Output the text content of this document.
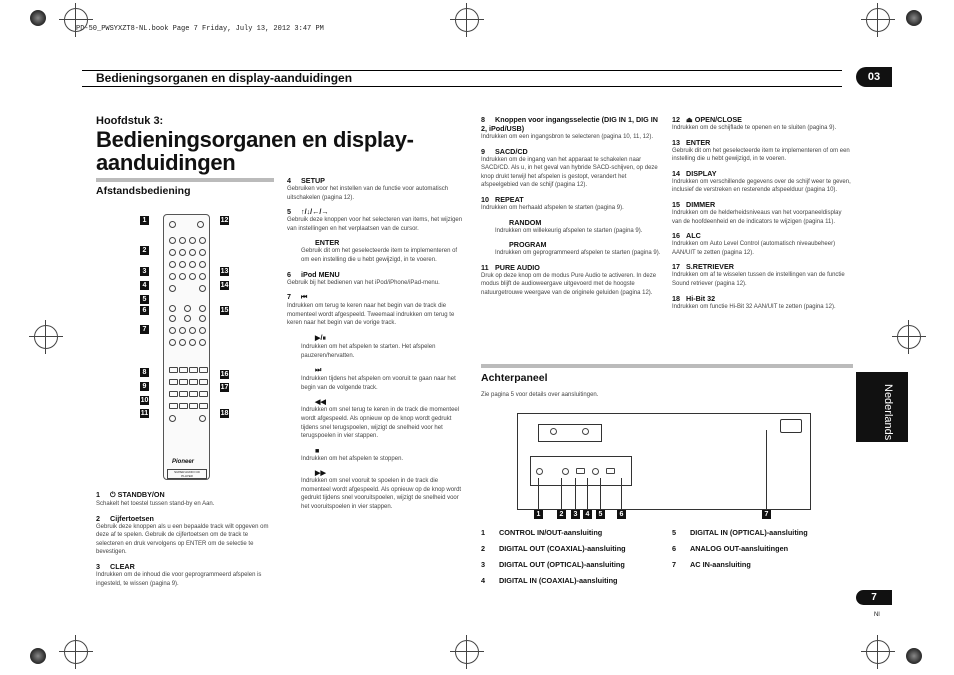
PD-50_PWSYXZT8-NL.book Page 7 Friday, July 13, 2012 3:47 PM
Bedieningsorganen en display-aanduidingen	03
Nederlands
7
Nl
Hoofdstuk 3:
Bedieningsorganen en display-
aanduidingen
Afstandsbediening
Pioneer
SUPER AUDIO CD PLAYER
1
2
3
4
5
6
7
8
9
10
11
12
13
14
15
16
17
18
1 ⏻ STANDBY/ON
Schakelt het toestel tussen stand-by en Aan.
2 Cijfertoetsen
Gebruik deze knoppen als u een bepaalde track wilt opgeven om deze af te spelen. Gebruik de cijfertoetsen om de track te selecteren en druk vervolgens op ENTER om de selectie te bevestigen.
3 CLEAR
Indrukken om de inhoud die voor geprogrammeerd afspelen is ingesteld, te wissen (pagina 9).
4 SETUP
Gebruiken voor het instellen van de functie voor automatisch uitschakelen (pagina 12).
5 ↑/↓/←/→
Gebruik deze knoppen voor het selecteren van items, het wijzigen van instellingen en het verplaatsen van de cursor.
ENTER
Gebruik dit om het geselecteerde item te implementeren of om een instelling die u hebt gewijzigd, in te voeren.
6 iPod MENU
Gebruik bij het bedienen van het iPod/iPhone/iPad-menu.
7 ⏮
Indrukken om terug te keren naar het begin van de track die momenteel wordt afgespeeld. Tweemaal indrukken om terug te keren naar het begin van de vorige track.
▶/⏸
Indrukken om het afspelen te starten. Het afspelen pauzeren/hervatten.
⏭
Indrukken tijdens het afspelen om vooruit te gaan naar het begin van de volgende track.
◀◀
Indrukken om snel terug te keren in de track die momenteel wordt afgespeeld. Als opnieuw op de knop wordt gedrukt tijdens snel terugspoelen, wijzigt de snelheid voor het terugspoelen in vier stappen.
■
Indrukken om het afspelen te stoppen.
▶▶
Indrukken om snel vooruit te spoelen in de track die momenteel wordt afgespeeld. Als opnieuw op de knop wordt gedrukt tijdens snel vooruitspoelen, wijzigt de snelheid voor het vooruitspoelen in vier stappen.
8 Knoppen voor ingangsselectie (DIG IN 1, DIG IN 2, iPod/USB)
Indrukken om een ingangsbron te selecteren (pagina 10, 11, 12).
9 SACD/CD
Indrukken om de ingang van het apparaat te schakelen naar SACD/CD. Als u, in het geval van hybride SACD-schijven, op deze knop drukt terwijl het afspelen is gestopt, verandert het afspeelgebied van de schijf (pagina 12).
10 REPEAT
Indrukken om herhaald afspelen te starten (pagina 9).
RANDOM
Indrukken om willekeurig afspelen te starten (pagina 9).
PROGRAM
Indrukken om geprogrammeerd afspelen te starten (pagina 9).
11 PURE AUDIO
Druk op deze knop om de modus Pure Audio te activeren. In deze modus blijft de audioweergave uitgevoerd met de hoogste natuurgetrouwe weergave van de originele geluiden (pagina 12).
12 ⏏ OPEN/CLOSE
Indrukken om de schijflade te openen en te sluiten (pagina 9).
13 ENTER
Gebruik dit om het geselecteerde item te implementeren of om een instelling die u hebt gewijzigd, in te voeren.
14 DISPLAY
Indrukken om verschillende gegevens over de schijf weer te geven, inclusief de verstreken en resterende afspeelduur (pagina 10).
15 DIMMER
Indrukken om de helderheidsniveaus van het voorpaneeldisplay van de hoofdeenheid en de indicators te wijzigen (pagina 11).
16 ALC
Indrukken om Auto Level Control (automatisch niveaubeheer) AAN/UIT te zetten (pagina 12).
17 S.RETRIEVER
Indrukken om af te wisselen tussen de instellingen van de functie Sound retriever (pagina 12).
18 Hi-Bit 32
Indrukken om functie Hi-Bit 32 AAN/UIT te zetten (pagina 12).
Achterpaneel
Zie pagina 5 voor details over aansluitingen.
1	2	3	4	5	6	7
1 CONTROL IN/OUT-aansluiting
2 DIGITAL OUT (COAXIAL)-aansluiting
3 DIGITAL OUT (OPTICAL)-aansluiting
4 DIGITAL IN (COAXIAL)-aansluiting
5 DIGITAL IN (OPTICAL)-aansluiting
6 ANALOG OUT-aansluitingen
7 AC IN-aansluiting
